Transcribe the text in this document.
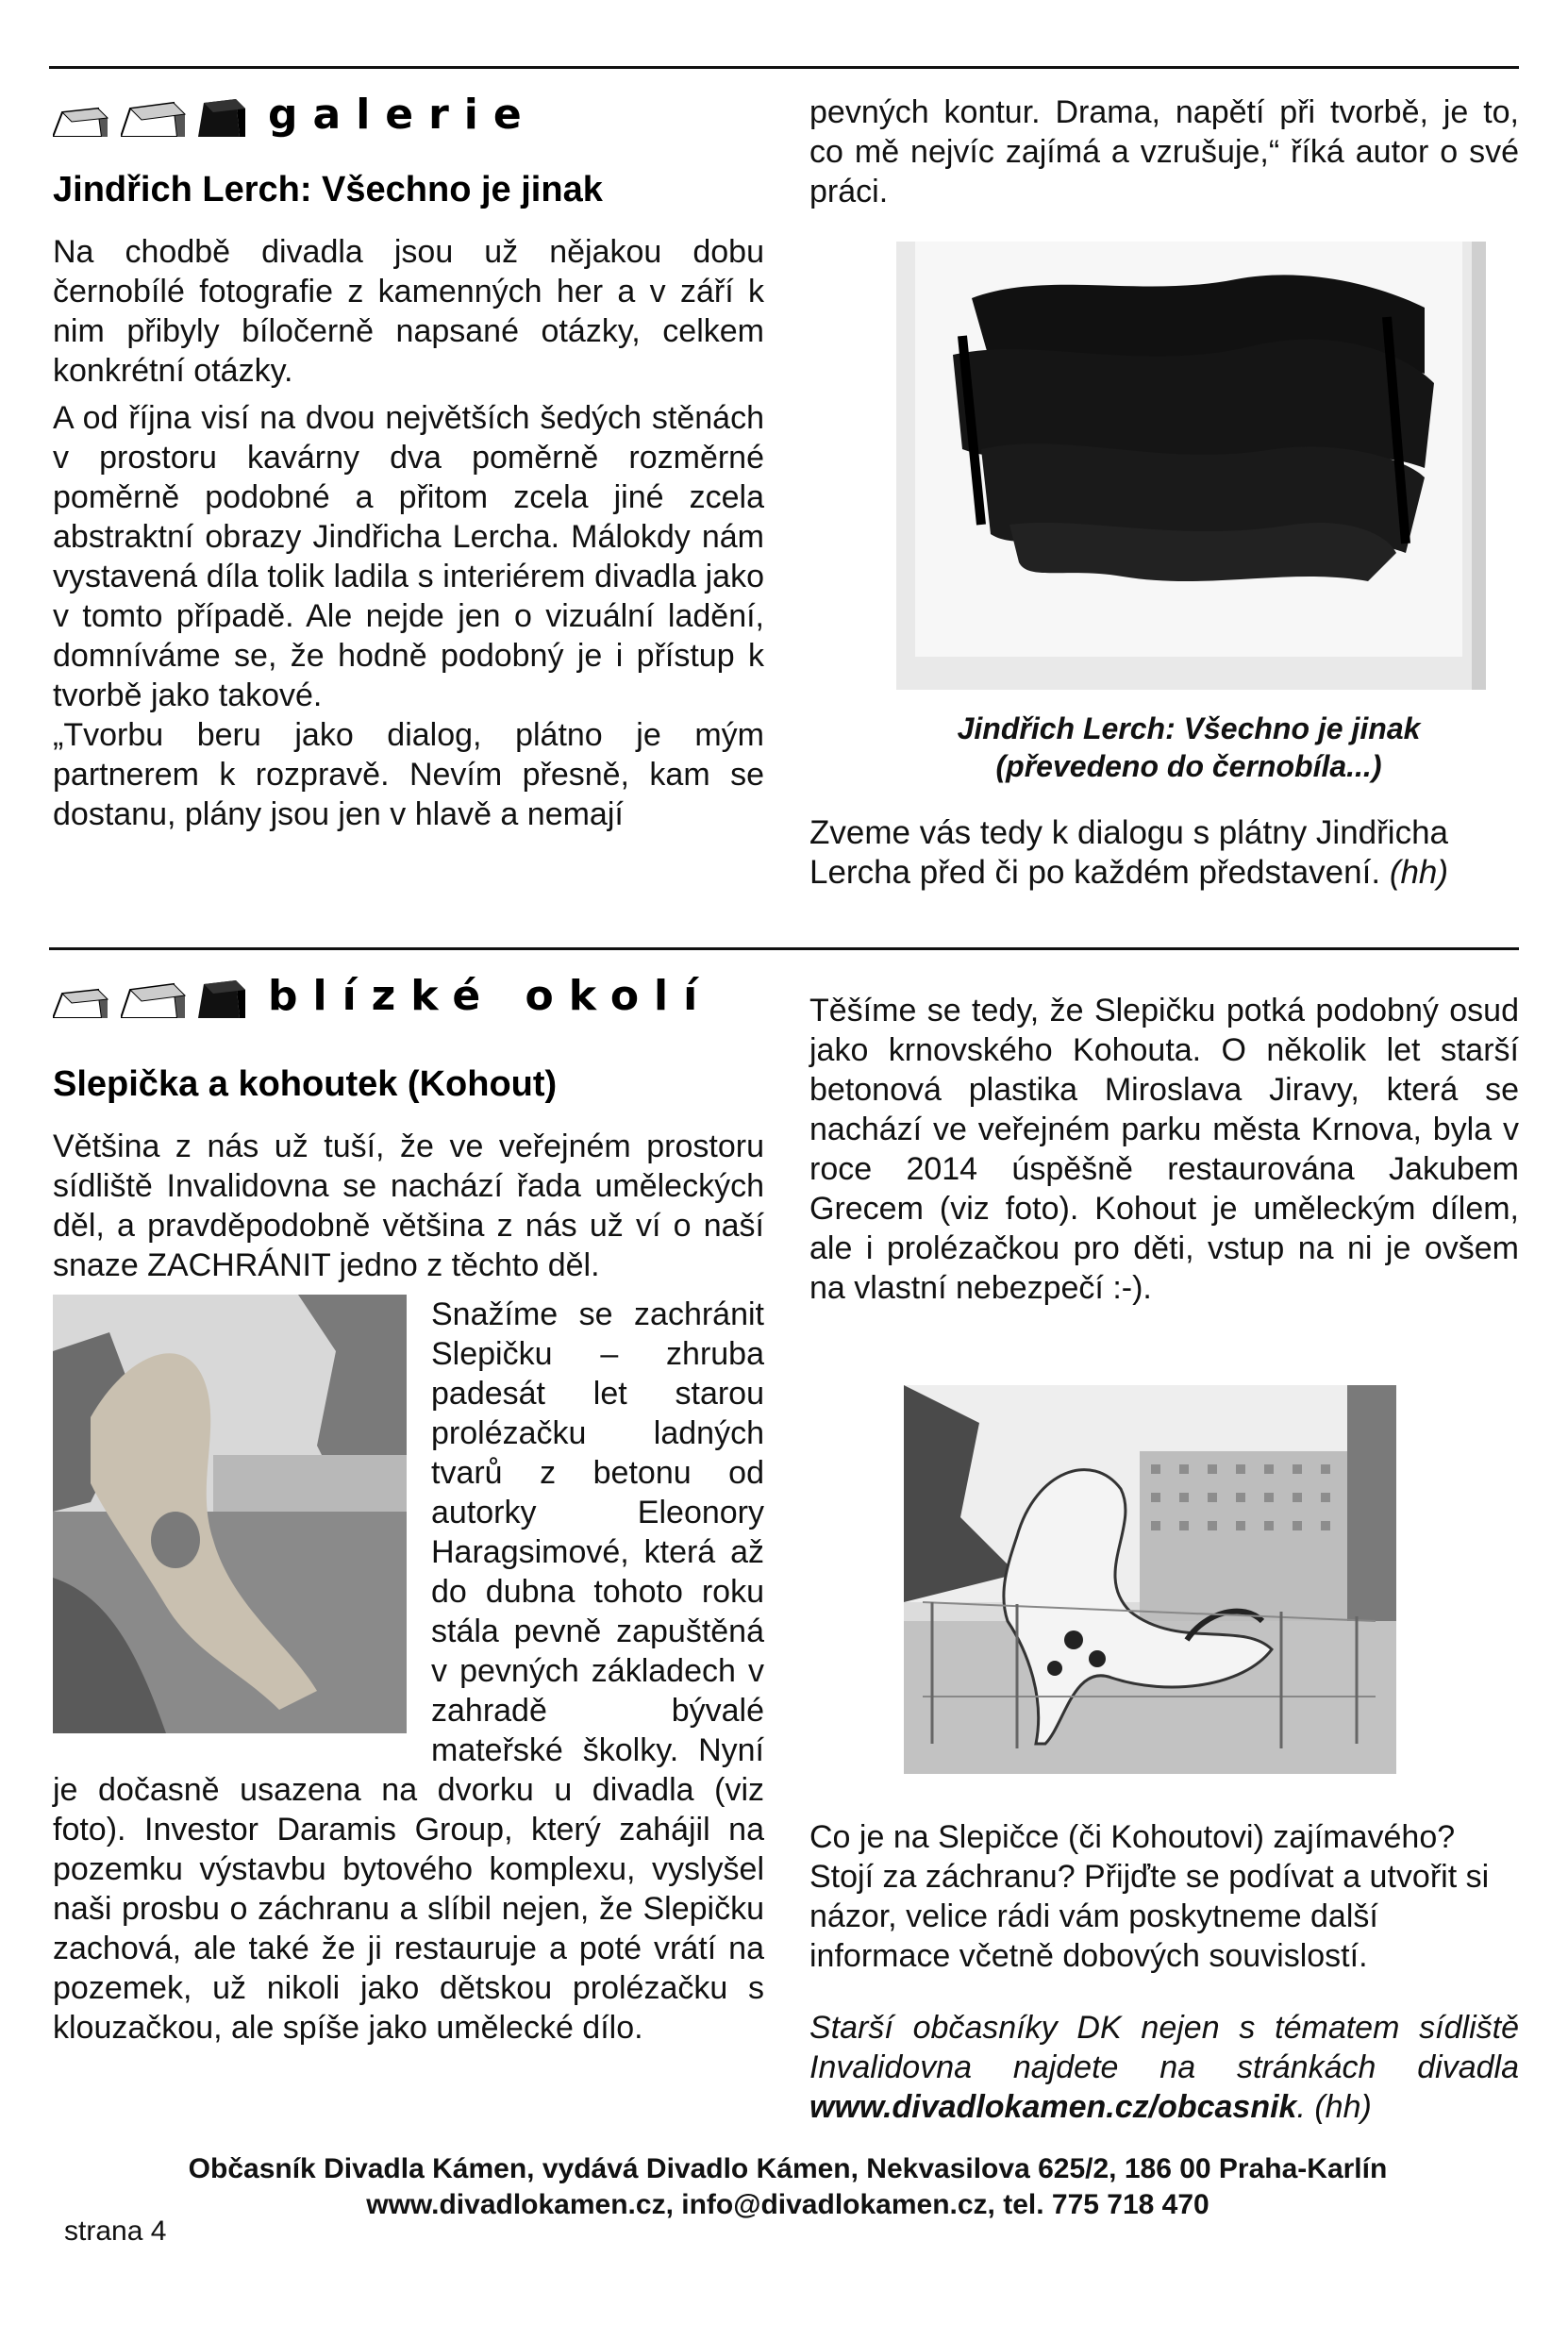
galerie
Jindřich Lerch: Všechno je jinak

Na chodbě divadla jsou už nějakou dobu černobílé fotografie z kamenných her a v září k nim přibyly bíločerně napsané otázky, celkem konkrétní otázky.

A od října visí na dvou největších šedých stěnách v prostoru kavárny dva poměrně rozměrné poměrně podobné a přitom zcela jiné zcela abstraktní obrazy Jindřicha Lercha. Málokdy nám vystavená díla tolik ladila s interiérem divadla jako v tomto případě. Ale nejde jen o vizuální ladění, domníváme se, že hodně podobný je i přístup k tvorbě jako takové.

„Tvorbu beru jako dialog, plátno je mým partnerem k rozpravě. Nevím přesně, kam se dostanu, plány jsou jen v hlavě a nemají

pevných kontur. Drama, napětí při tvorbě, je to, co mě nejvíc zajímá a vzrušuje,“ říká autor o své práci.
Jindřich Lerch: Všechno je jinak
(převedeno do černobíla...)
Zveme vás tedy k dialogu s plátny Jindřicha Lercha před či po každém představení. (hh)
blízké okolí
Slepička a kohoutek (Kohout)

Většina z nás už tuší, že ve veřejném prostoru sídliště Invalidovna se nachází řada uměleckých děl, a pravděpodobně většina z nás už ví o naší snaze ZACHRÁNIT jedno z těchto děl.

Snažíme se zachránit Slepičku – zhruba padesát let starou prolézačku ladných tvarů z betonu od autorky Eleonory Haragsimové, která až do dubna tohoto roku stála pevně zapuštěná v pevných základech v zahradě bývalé mateřské školky. Nyní je dočasně usazena na dvorku u divadla (viz foto). Investor Daramis Group, který zahájil na pozemku výstavbu bytového komplexu, vyslyšel naši prosbu o záchranu a slíbil nejen, že Slepičku zachová, ale také že ji restauruje a poté vrátí na pozemek, už nikoli jako dětskou prolézačku s klouzačkou, ale spíše jako umělecké dílo.

Těšíme se tedy, že Slepičku potká podobný osud jako krnovského Kohouta. O několik let starší betonová plastika Miroslava Jiravy, která se nachází ve veřejném parku města Krnova, byla v roce 2014 úspěšně restaurována Jakubem Grecem (viz foto). Kohout je uměleckým dílem, ale i prolézačkou pro děti, vstup na ni je ovšem na vlastní nebezpečí :-).
Co je na Slepičce (či Kohoutovi) zajímavého? Stojí za záchranu? Přijďte se podívat a utvořit si názor, velice rádi vám poskytneme další informace včetně dobových souvislostí.
Starší občasníky DK nejen s tématem sídliště Invalidovna najdete na stránkách divadla www.divadlokamen.cz/obcasnik. (hh)
Občasník Divadla Kámen, vydává Divadlo Kámen, Nekvasilova 625/2, 186 00 Praha-Karlín
www.divadlokamen.cz, info@divadlokamen.cz, tel. 775 718 470
strana 4
